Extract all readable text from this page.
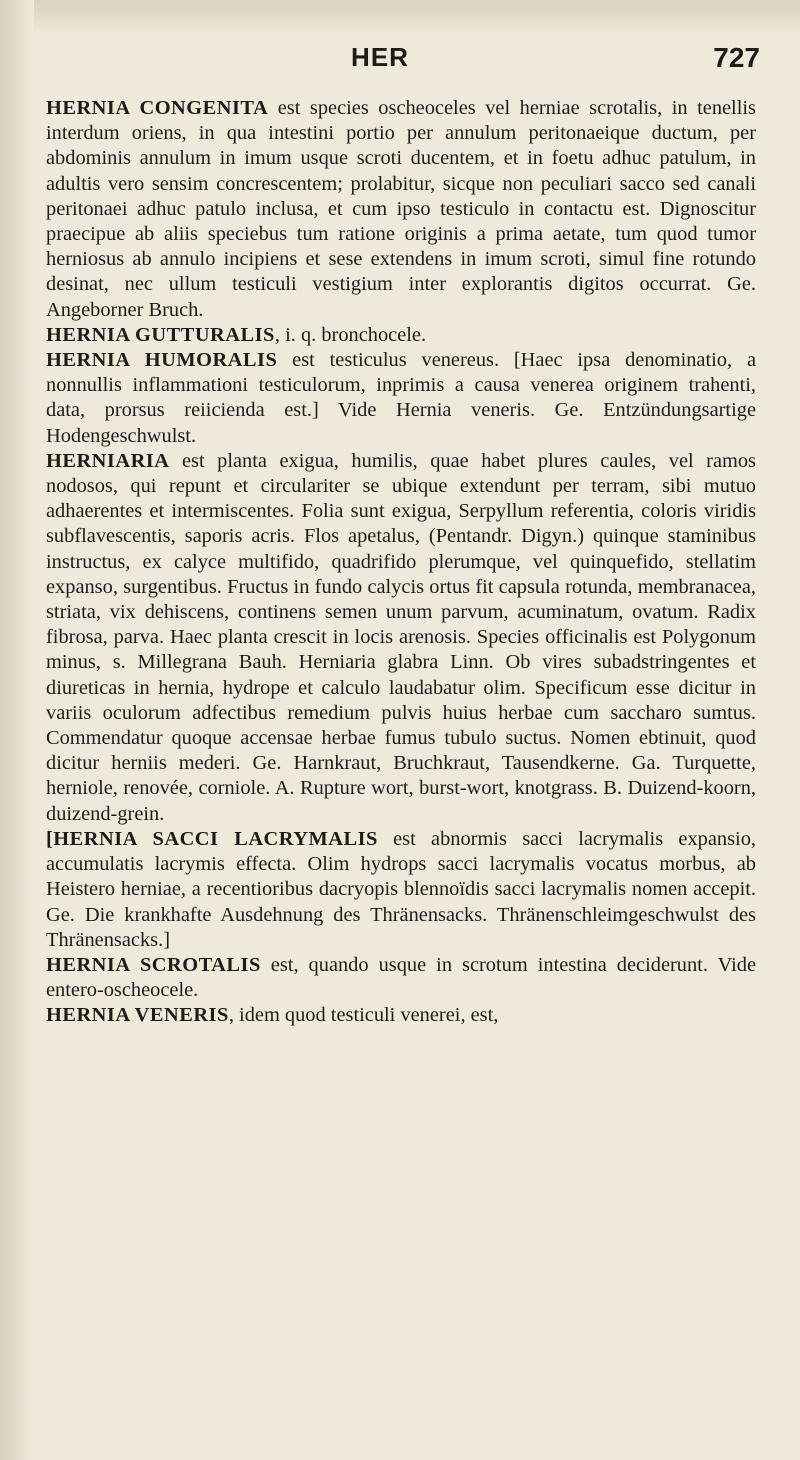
HER	727

HERNIA CONGENITA est species oscheoceles vel herniae scrotalis, in tenellis interdum oriens, in qua intestini portio per annulum peritonaeique ductum, per abdominis annulum in imum usque scroti ducentem, et in foetu adhuc patulum, in adultis vero sensim concrescentem; prolabitur, sicque non peculiari sacco sed canali peritonaei adhuc patulo inclusa, et cum ipso testiculo in contactu est. Dignoscitur praecipue ab aliis speciebus tum ratione originis a prima aetate, tum quod tumor herniosus ab annulo incipiens et sese extendens in imum scroti, simul fine rotundo desinat, nec ullum testiculi vestigium inter explorantis digitos occurrat. Ge. Angeborner Bruch.

HERNIA GUTTURALIS, i. q. bronchocele.

HERNIA HUMORALIS est testiculus venereus. [Haec ipsa denominatio, a nonnullis inflammationi testiculorum, inprimis a causa venerea originem trahenti, data, prorsus reiicienda est.] Vide Hernia veneris. Ge. Entzündungsartige Hodengeschwulst.

HERNIARIA est planta exigua, humilis, quae habet plures caules, vel ramos nodosos, qui repunt et circulariter se ubique extendunt per terram, sibi mutuo adhaerentes et intermiscentes. Folia sunt exigua, Serpyllum referentia, coloris viridis subflavescentis, saporis acris. Flos apetalus, (Pentandr. Digyn.) quinque staminibus instructus, ex calyce multifido, quadrifido plerumque, vel quinquefido, stellatim expanso, surgentibus. Fructus in fundo calycis ortus fit capsula rotunda, membranacea, striata, vix dehiscens, continens semen unum parvum, acuminatum, ovatum. Radix fibrosa, parva. Haec planta crescit in locis arenosis. Species officinalis est Polygonum minus, s. Millegrana Bauh. Herniaria glabra Linn. Ob vires subadstringentes et diureticas in hernia, hydrope et calculo laudabatur olim. Specificum esse dicitur in variis oculorum adfectibus remedium pulvis huius herbae cum saccharo sumtus. Commendatur quoque accensae herbae fumus tubulo suctus. Nomen ebtinuit, quod dicitur herniis mederi. Ge. Harnkraut, Bruchkraut, Tausendkerne. Ga. Turquette, herniole, renovée, corniole. A. Rupture wort, burst-wort, knotgrass. B. Duizend-koorn, duizend-grein.

[HERNIA SACCI LACRYMALIS est abnormis sacci lacrymalis expansio, accumulatis lacrymis effecta. Olim hydrops sacci lacrymalis vocatus morbus, ab Heistero herniae, a recentioribus dacryopis blennoïdis sacci lacrymalis nomen accepit. Ge. Die krankhafte Ausdehnung des Thränensacks. Thränenschleimgeschwulst des Thränensacks.]

HERNIA SCROTALIS est, quando usque in scrotum intestina deciderunt. Vide entero-oscheocele.

HERNIA VENERIS, idem quod testiculi venerei, est,
